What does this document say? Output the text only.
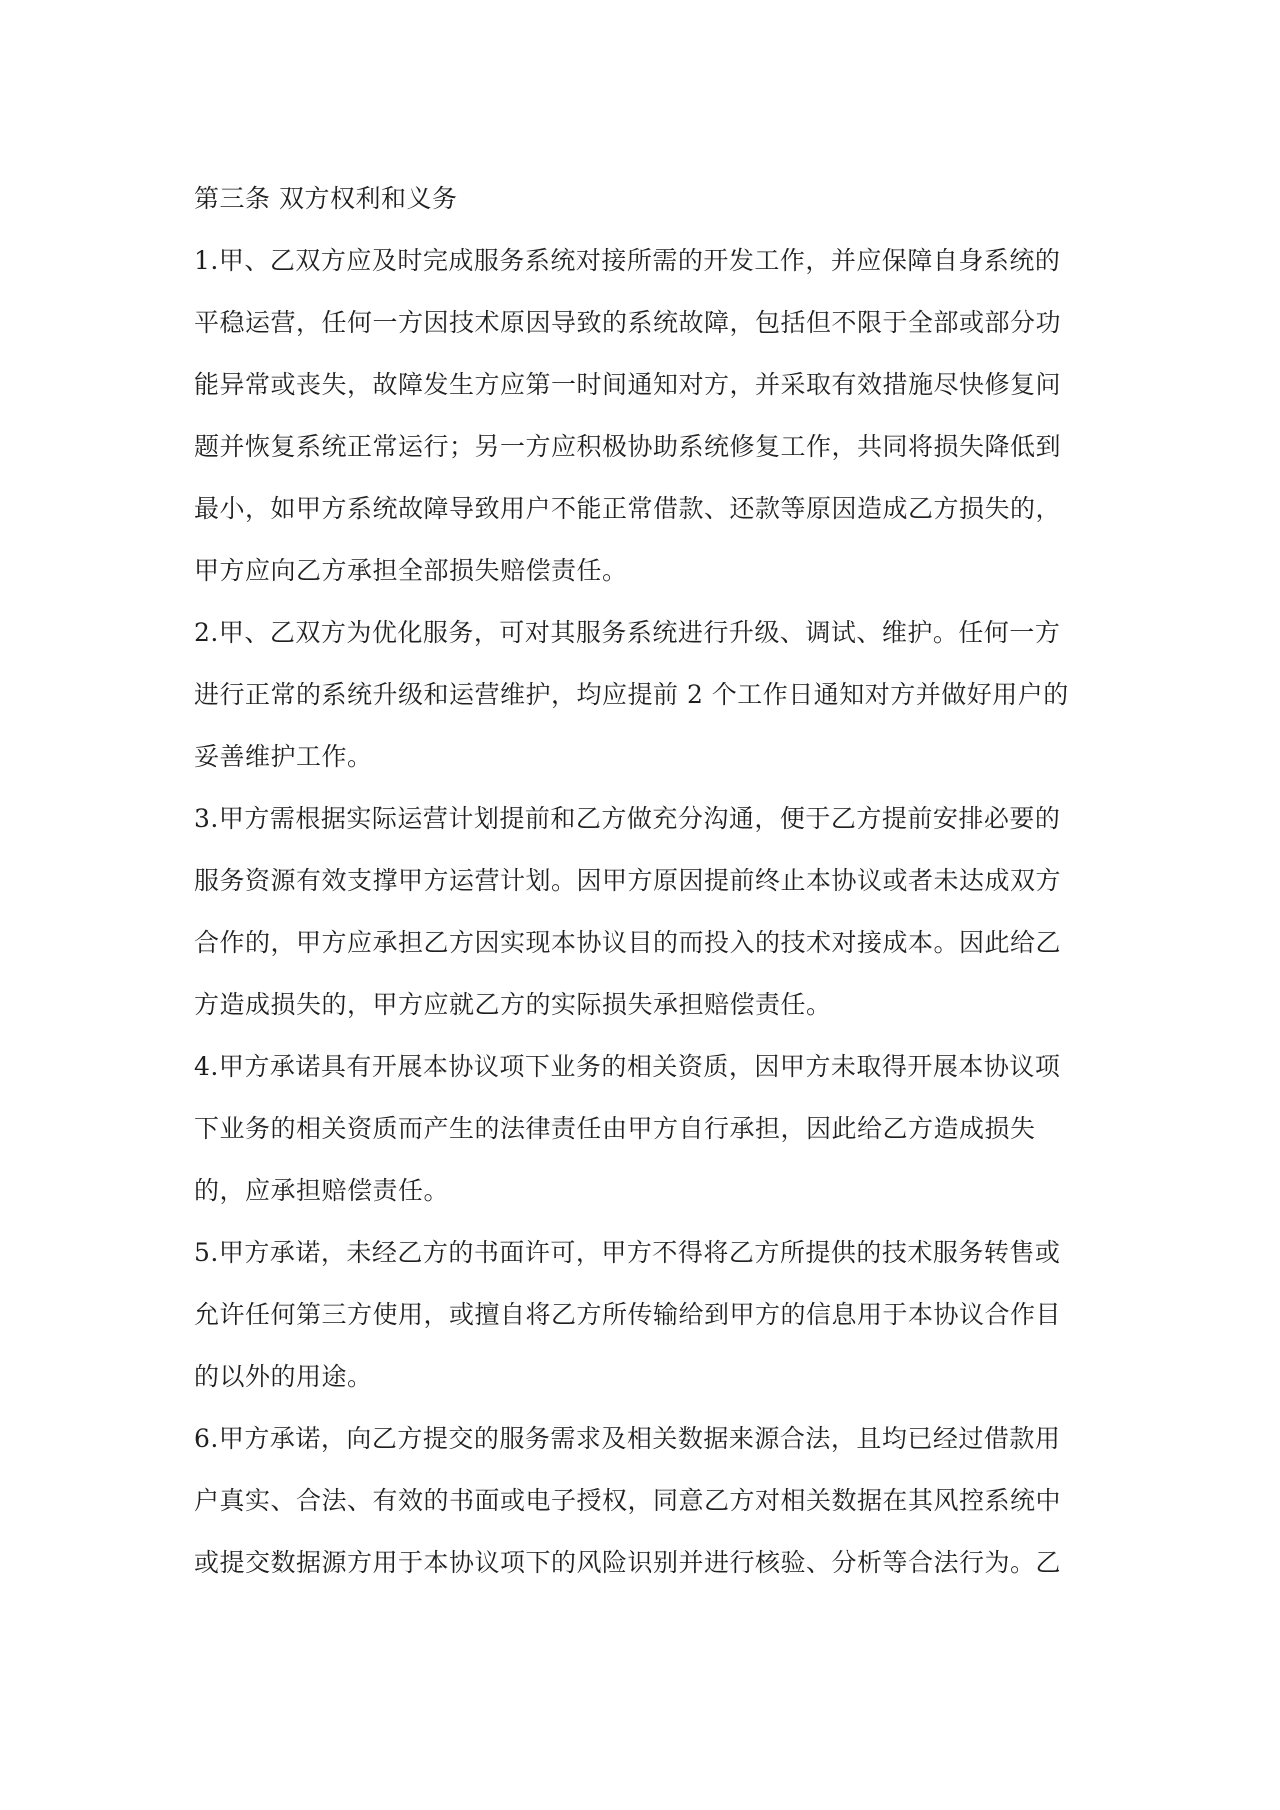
第三条 双方权利和义务

1.甲、乙双方应及时完成服务系统对接所需的开发工作，并应保障自身系统的
平稳运营，任何一方因技术原因导致的系统故障，包括但不限于全部或部分功
能异常或丧失，故障发生方应第一时间通知对方，并采取有效措施尽快修复问
题并恢复系统正常运行；另一方应积极协助系统修复工作，共同将损失降低到
最小，如甲方系统故障导致用户不能正常借款、还款等原因造成乙方损失的，
甲方应向乙方承担全部损失赔偿责任。
2.甲、乙双方为优化服务，可对其服务系统进行升级、调试、维护。任何一方
进行正常的系统升级和运营维护，均应提前 2 个工作日通知对方并做好用户的
妥善维护工作。
3.甲方需根据实际运营计划提前和乙方做充分沟通，便于乙方提前安排必要的
服务资源有效支撑甲方运营计划。因甲方原因提前终止本协议或者未达成双方
合作的，甲方应承担乙方因实现本协议目的而投入的技术对接成本。因此给乙
方造成损失的，甲方应就乙方的实际损失承担赔偿责任。
4.甲方承诺具有开展本协议项下业务的相关资质，因甲方未取得开展本协议项
下业务的相关资质而产生的法律责任由甲方自行承担，因此给乙方造成损失
的，应承担赔偿责任。
5.甲方承诺，未经乙方的书面许可，甲方不得将乙方所提供的技术服务转售或
允许任何第三方使用，或擅自将乙方所传输给到甲方的信息用于本协议合作目
的以外的用途。
6.甲方承诺，向乙方提交的服务需求及相关数据来源合法，且均已经过借款用
户真实、合法、有效的书面或电子授权，同意乙方对相关数据在其风控系统中
或提交数据源方用于本协议项下的风险识别并进行核验、分析等合法行为。乙
